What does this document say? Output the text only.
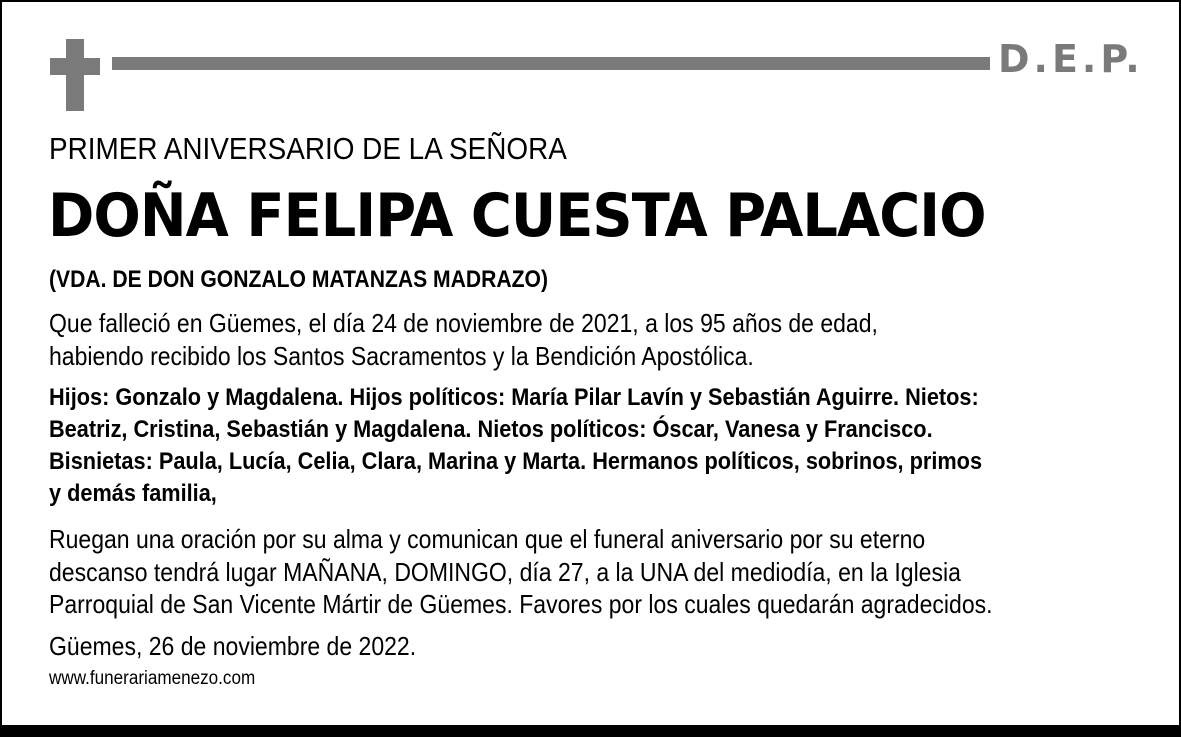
D.E.P.
PRIMER ANIVERSARIO DE LA SEÑORA
DOÑA FELIPA CUESTA PALACIO
(VDA. DE DON GONZALO MATANZAS MADRAZO)
Que falleció en Güemes, el día 24 de noviembre de 2021, a los 95 años de edad,
habiendo recibido los Santos Sacramentos y la Bendición Apostólica.
Hijos: Gonzalo y Magdalena. Hijos políticos: María Pilar Lavín y Sebastián Aguirre. Nietos:
Beatriz, Cristina, Sebastián y Magdalena. Nietos políticos: Óscar, Vanesa y Francisco.
Bisnietas: Paula, Lucía, Celia, Clara, Marina y Marta. Hermanos políticos, sobrinos, primos
y demás familia,
Ruegan una oración por su alma y comunican que el funeral aniversario por su eterno
descanso tendrá lugar MAÑANA, DOMINGO, día 27, a la UNA del mediodía, en la Iglesia
Parroquial de San Vicente Mártir de Güemes. Favores por los cuales quedarán agradecidos.
Güemes, 26 de noviembre de 2022.
www.funerariamenezo.com
